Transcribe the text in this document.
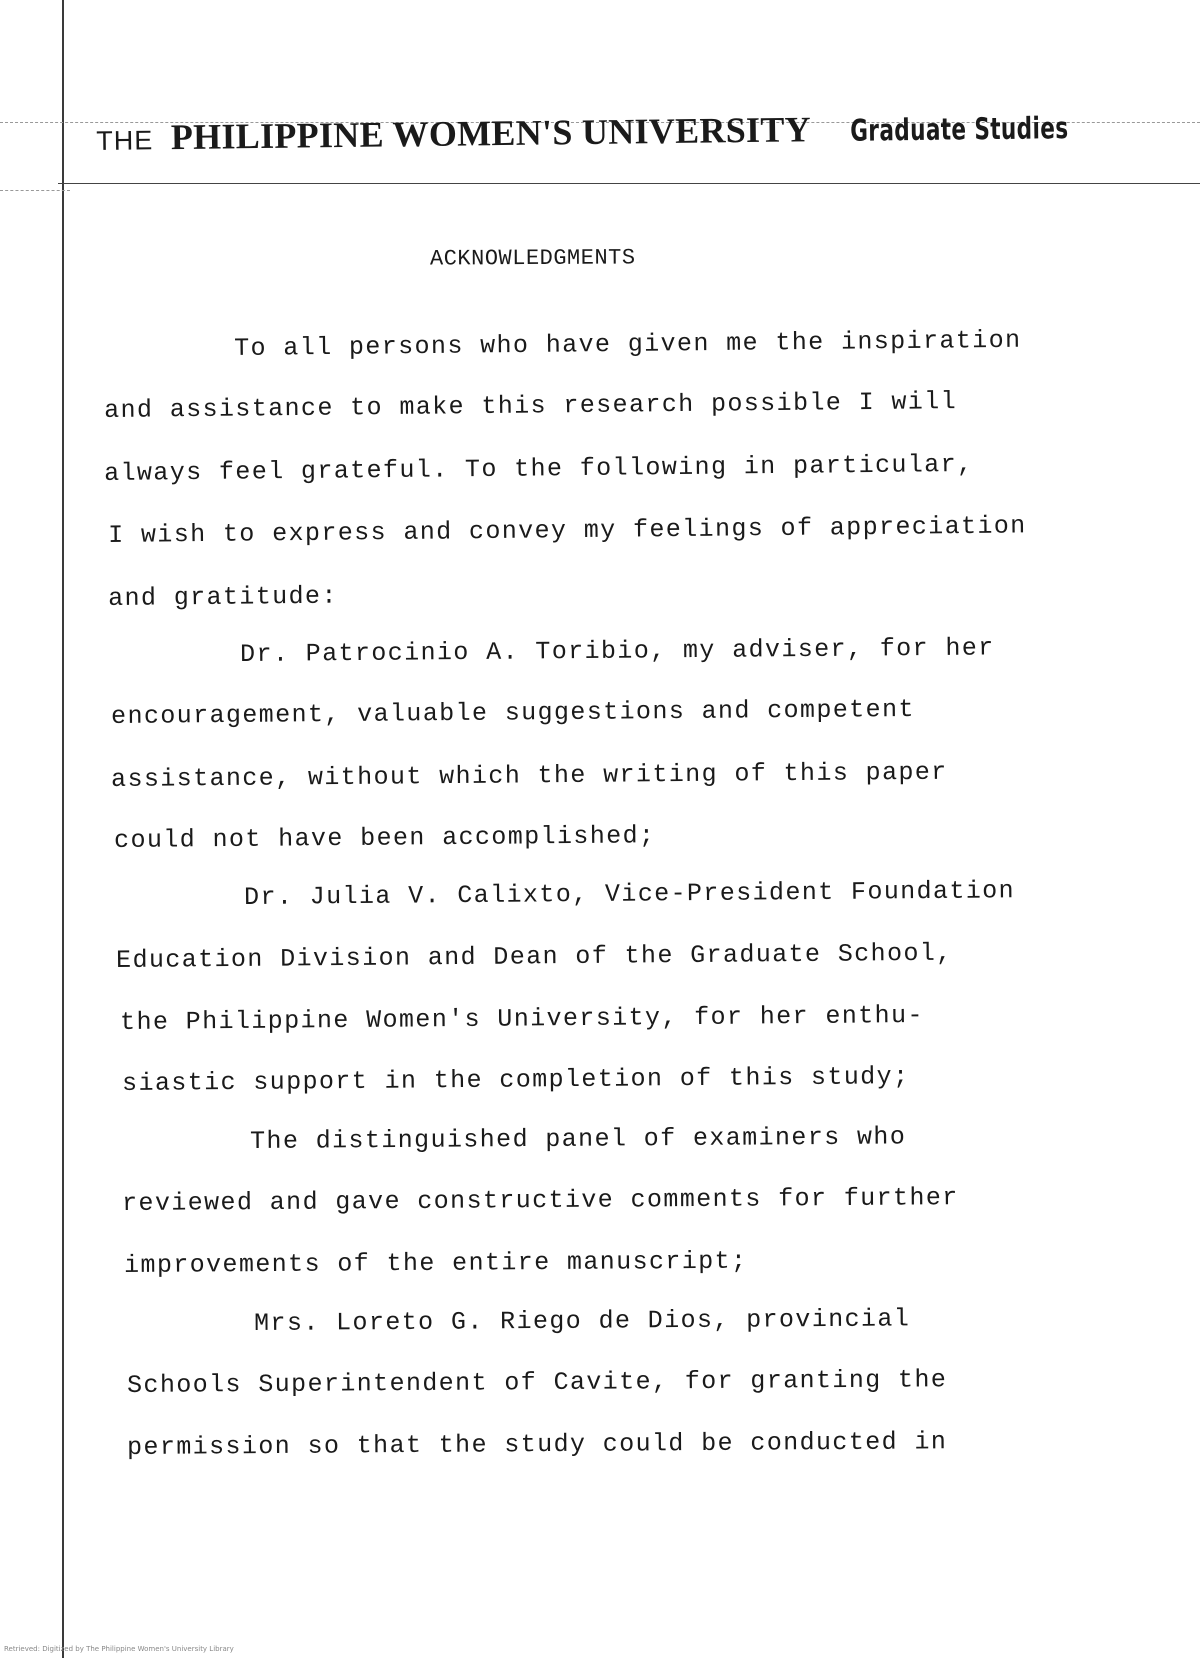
THE PHILIPPINE WOMEN'S UNIVERSITY Graduate Studies
ACKNOWLEDGMENTS
To all persons who have given me the inspiration
and assistance to make this research possible I will
always feel grateful. To the following in particular,
I wish to express and convey my feelings of appreciation
and gratitude:
Dr. Patrocinio A. Toribio, my adviser, for her
encouragement, valuable suggestions and competent
assistance, without which the writing of this paper
could not have been accomplished;
Dr. Julia V. Calixto, Vice-President Foundation
Education Division and Dean of the Graduate School,
the Philippine Women's University, for her enthu-
siastic support in the completion of this study;
The distinguished panel of examiners who
reviewed and gave constructive comments for further
improvements of the entire manuscript;
Mrs. Loreto G. Riego de Dios, provincial
Schools Superintendent of Cavite, for granting the
permission so that the study could be conducted in
Retrieved: Digitized by The Philippine Women's University Library
